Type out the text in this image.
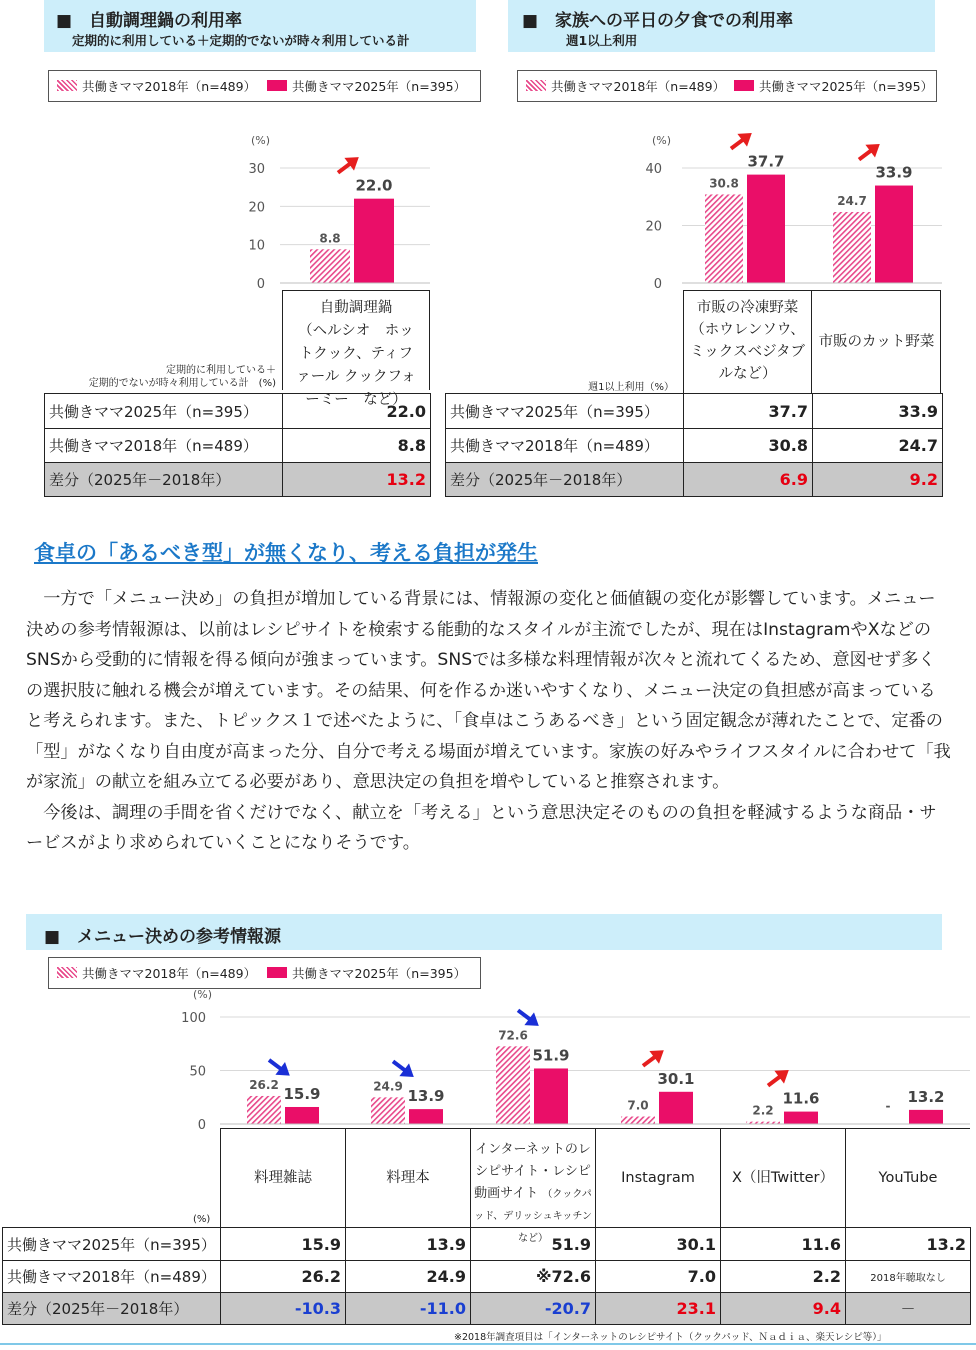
■　自動調理鍋の利用率
定期的に利用している＋定期的でないが時々利用している計
共働きママ2018年（n=489）	共働きママ2025年（n=395）
■　家族への平日の夕食での利用率
週1以上利用
共働きママ2018年（n=489）	共働きママ2025年（n=395）
0
10
20
30
8.8
22.0
(%)
0
20
40
30.8
37.7
24.7
33.9
(%)
定期的に利用している＋
定期的でないが時々利用している計　(%)
自動調理鍋
（ヘルシオ　ホットクック、ティファール クックフォーミー　など）
共働きママ2025年（n=395）	22.0
共働きママ2018年（n=489）	8.8
差分（2025年－2018年）	13.2
週1以上利用（%）
市販の冷凍野菜
（ホウレンソウ、ミックスベジタブルなど）
市販のカット野菜
共働きママ2025年（n=395）	37.7	33.9
共働きママ2018年（n=489）	30.8	24.7
差分（2025年－2018年）	6.9	9.2
食卓の「あるべき型」が無くなり、考える負担が発生

　一方で「メニュー決め」の負担が増加している背景には、情報源の変化と価値観の変化が影響しています。メニュー決めの参考情報源は、以前はレシピサイトを検索する能動的なスタイルが主流でしたが、現在はInstagramやXなどのSNSから受動的に情報を得る傾向が強まっています。SNSでは多様な料理情報が次々と流れてくるため、意図せず多くの選択肢に触れる機会が増えています。その結果、何を作るか迷いやすくなり、メニュー決定の負担感が高まっていると考えられます。また、トピックス１で述べたように、「食卓はこうあるべき」という固定観念が薄れたことで、定番の「型」がなくなり自由度が高まった分、自分で考える場面が増えています。家族の好みやライフスタイルに合わせて「我が家流」の献立を組み立てる必要があり、意思決定の負担を増やしていると推察されます。

　今後は、調理の手間を省くだけでなく、献立を「考える」という意思決定そのものの負担を軽減するような商品・サービスがより求められていくことになりそうです。

■　メニュー決めの参考情報源
共働きママ2018年（n=489）	共働きママ2025年（n=395）
(%)
0
50
100
26.2
15.9	24.9
13.9
72.6
51.9
7.0
30.1
2.2
11.6	-
13.2
(%)
料理雑誌	料理本
インターネットのレシピサイト・レシピ動画サイト （クックパッド、デリッシュキッチンなど）
Instagram	X（旧Twitter）	YouTube
共働きママ2025年（n=395）	15.9	13.9	51.9	30.1	11.6	13.2
共働きママ2018年（n=489）	26.2	24.9	※72.6	7.0	2.2	2018年聴取なし
差分（2025年－2018年）	-10.3	-11.0	-20.7	23.1	9.4	－
※2018年調査項目は「インターネットのレシピサイト（クックパッド、Ｎａｄｉａ、楽天レシピ等）」
